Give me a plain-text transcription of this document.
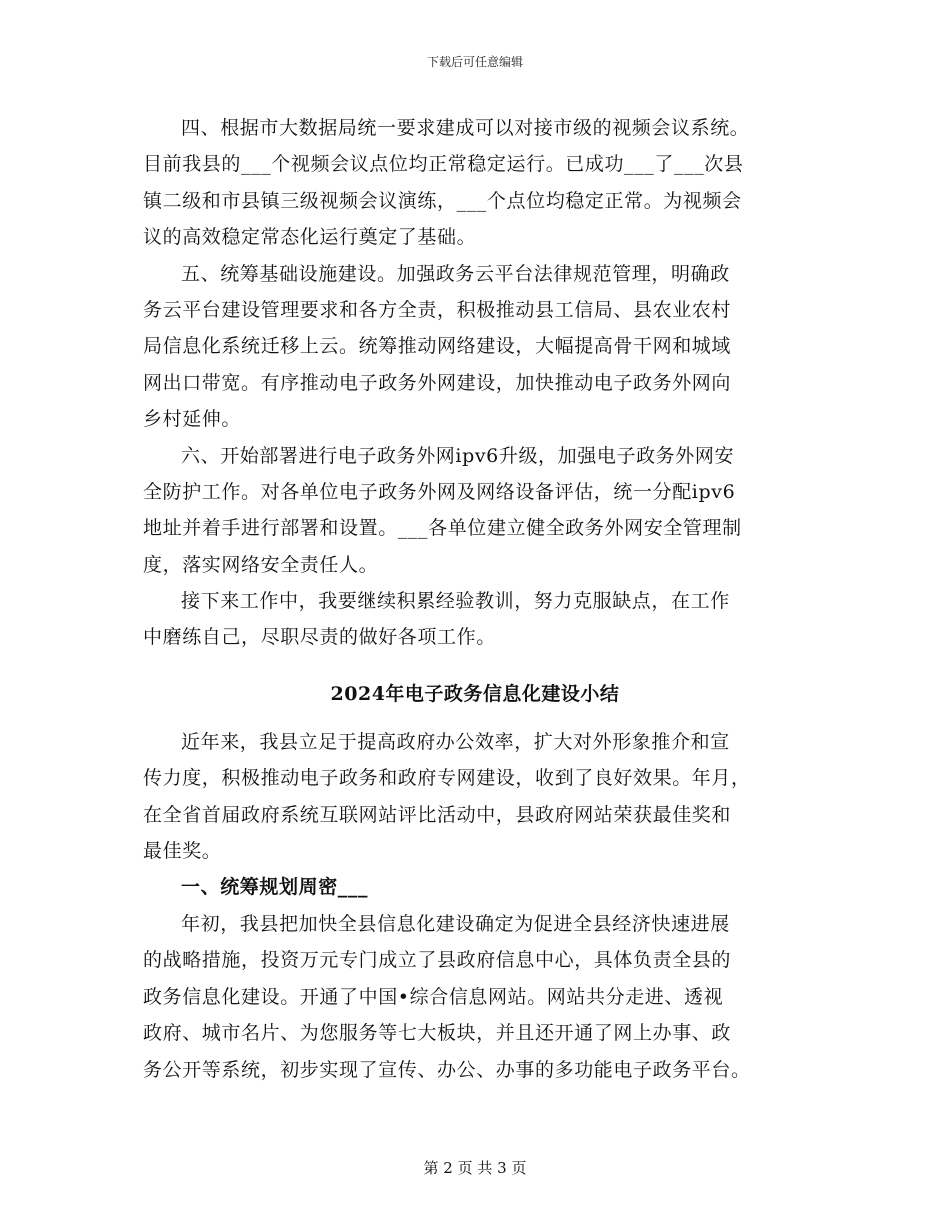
下载后可任意编辑
四、根据市大数据局统一要求建成可以对接市级的视频会议系统。
目前我县的___个视频会议点位均正常稳定运行。已成功___了___次县
镇二级和市县镇三级视频会议演练，___个点位均稳定正常。为视频会
议的高效稳定常态化运行奠定了基础。
五、统筹基础设施建设。加强政务云平台法律规范管理，明确政
务云平台建设管理要求和各方全责，积极推动县工信局、县农业农村
局信息化系统迁移上云。统筹推动网络建设，大幅提高骨干网和城域
网出口带宽。有序推动电子政务外网建设，加快推动电子政务外网向
乡村延伸。
六、开始部署进行电子政务外网ipv6升级，加强电子政务外网安
全防护工作。对各单位电子政务外网及网络设备评估，统一分配ipv6
地址并着手进行部署和设置。___各单位建立健全政务外网安全管理制
度，落实网络安全责任人。
接下来工作中，我要继续积累经验教训，努力克服缺点，在工作
中磨练自己，尽职尽责的做好各项工作。
2024年电子政务信息化建设小结
近年来，我县立足于提高政府办公效率，扩大对外形象推介和宣
传力度，积极推动电子政务和政府专网建设，收到了良好效果。年月，
在全省首届政府系统互联网站评比活动中，县政府网站荣获最佳奖和
最佳奖。
一、统筹规划周密___
年初，我县把加快全县信息化建设确定为促进全县经济快速进展
的战略措施，投资万元专门成立了县政府信息中心，具体负责全县的
政务信息化建设。开通了中国•综合信息网站。网站共分走进、透视
政府、城市名片、为您服务等七大板块，并且还开通了网上办事、政
务公开等系统，初步实现了宣传、办公、办事的多功能电子政务平台。
第 2 页 共 3 页
